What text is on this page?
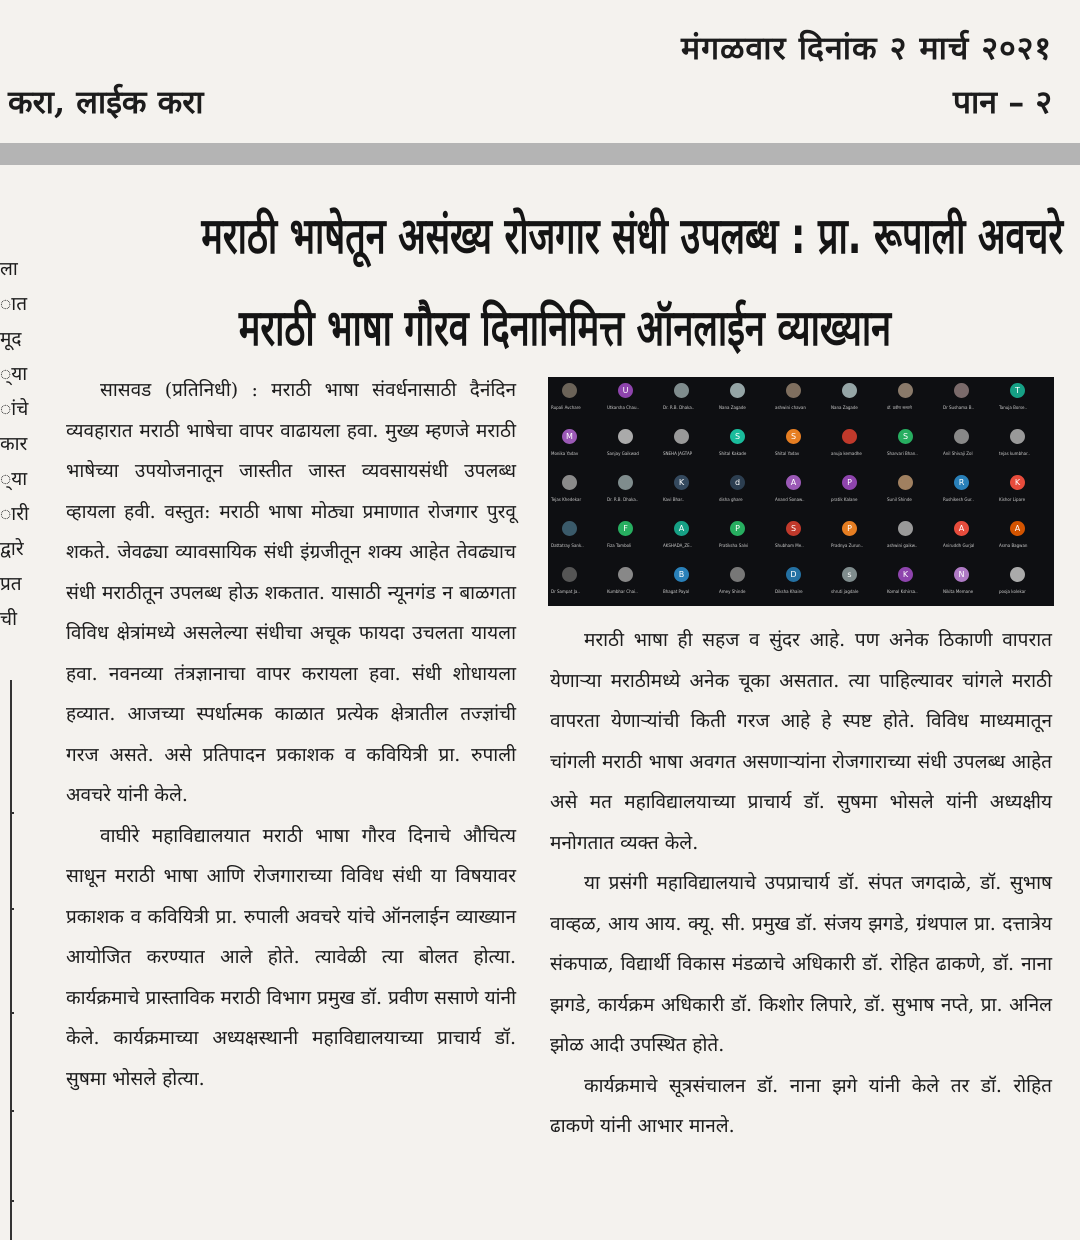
मंगळवार दिनांक २ मार्च २०२१
करा, लाईक करा	पान – २
ला
ात
मूद
्या
ांचे
कार
्या
ारी
द्वारे
प्रत
ची
मराठी भाषेतून असंख्य रोजगार संधी उपलब्ध : प्रा. रूपाली अवचरे
मराठी भाषा गौरव दिनानिमित्त ऑनलाईन व्याख्यान

सासवड (प्रतिनिधी) : मराठी भाषा संवर्धनासाठी दैनंदिन व्यवहारात मराठी भाषेचा वापर वाढायला हवा. मुख्य म्हणजे मराठी भाषेच्या उपयोजनातून जास्तीत जास्त व्यवसायसंधी उपलब्ध व्हायला हवी. वस्तुत: मराठी भाषा मोठ्या प्रमाणात रोजगार पुरवू शकते. जेवढ्या व्यावसायिक संधी इंग्रजीतून शक्य आहेत तेवढ्याच संधी मराठीतून उपलब्ध होऊ शकतात. यासाठी न्यूनगंड न बाळगता विविध क्षेत्रांमध्ये असलेल्या संधीचा अचूक फायदा उचलता यायला हवा. नवनव्या तंत्रज्ञानाचा वापर करायला हवा. संधी शोधायला हव्यात. आजच्या स्पर्धात्मक काळात प्रत्येक क्षेत्रातील तज्ज्ञांची गरज असते. असे प्रतिपादन प्रकाशक व कवियित्री प्रा. रुपाली अवचरे यांनी केले.

वाघीरे महाविद्यालयात मराठी भाषा गौरव दिनाचे औचित्य साधून मराठी भाषा आणि रोजगाराच्या विविध संधी या विषयावर प्रकाशक व कवियित्री प्रा. रुपाली अवचरे यांचे ऑनलाईन व्याख्यान आयोजित करण्यात आले होते. त्यावेळी त्या बोलत होत्या. कार्यक्रमाचे प्रास्ताविक मराठी विभाग प्रमुख डॉ. प्रवीण ससाणे यांनी केले. कार्यक्रमाच्या अध्यक्षस्थानी महाविद्यालयाच्या प्राचार्य डॉ. सुषमा भोसले होत्या.

Rupali Avchare
U
Utkarsha Chau..	Dr. R.B. Dhaka..	Nana Zagade	ashwini chavan	Nana Zagade	डॉ. प्रवीण ससाणे	Dr Sushama B..
T
Tanuja Borse..
M
Monika Yadav	Sanjay Gaikwad	SNEHA JAGTAP
S
Shital Kakade
S
Shital Yadav	anuja kemadhe
S
Sharvari Bhan..	Anil Shivaji Zol	tejas kumbhar..
Tejas Khedekar	Dr. R.B. Dhaka..
K
Kavi Bhar..
d
disha ghare
A
Anand Sonaw..
P
pratik Kalane	Sunil Shinde
R
Rushikesh Gur..
K
Kishor Lipare
Dattatray Sank..
F
Fiza Tamboli
A
AKSHADA_ZE..
P
Pratiksha Salvi
S
Shubham Me..
P
Pradnya Zurun..	ashwini gaikw..
A
Aniruddh Gurjal
A
Asma Bagwan
Dr Sampat Ja..	Kumbhar Chai..
B
Bhagat Payal	Amey Shinde
D
Diksha Khaire
s
shruti jagdale
K
Komal Kshirsa..
N
Nikita Memane	pooja kolekar

मराठी भाषा ही सहज व सुंदर आहे. पण अनेक ठिकाणी वापरात येणाऱ्या मराठीमध्ये अनेक चूका असतात. त्या पाहिल्यावर चांगले मराठी वापरता येणाऱ्यांची किती गरज आहे हे स्पष्ट होते. विविध माध्यमातून चांगली मराठी भाषा अवगत असणाऱ्यांना रोजगाराच्या संधी उपलब्ध आहेत असे मत महाविद्यालयाच्या प्राचार्य डॉ. सुषमा भोसले यांनी अध्यक्षीय मनोगतात व्यक्त केले.

या प्रसंगी महाविद्यालयाचे उपप्राचार्य डॉ. संपत जगदाळे, डॉ. सुभाष वाव्हळ, आय आय. क्यू. सी. प्रमुख डॉ. संजय झगडे, ग्रंथपाल प्रा. दत्तात्रेय संकपाळ, विद्यार्थी विकास मंडळाचे अधिकारी डॉ. रोहित ढाकणे, डॉ. नाना झगडे, कार्यक्रम अधिकारी डॉ. किशोर लिपारे, डॉ. सुभाष नप्ते, प्रा. अनिल झोळ आदी उपस्थित होते.

कार्यक्रमाचे सूत्रसंचालन डॉ. नाना झगे यांनी केले तर डॉ. रोहित ढाकणे यांनी आभार मानले.
